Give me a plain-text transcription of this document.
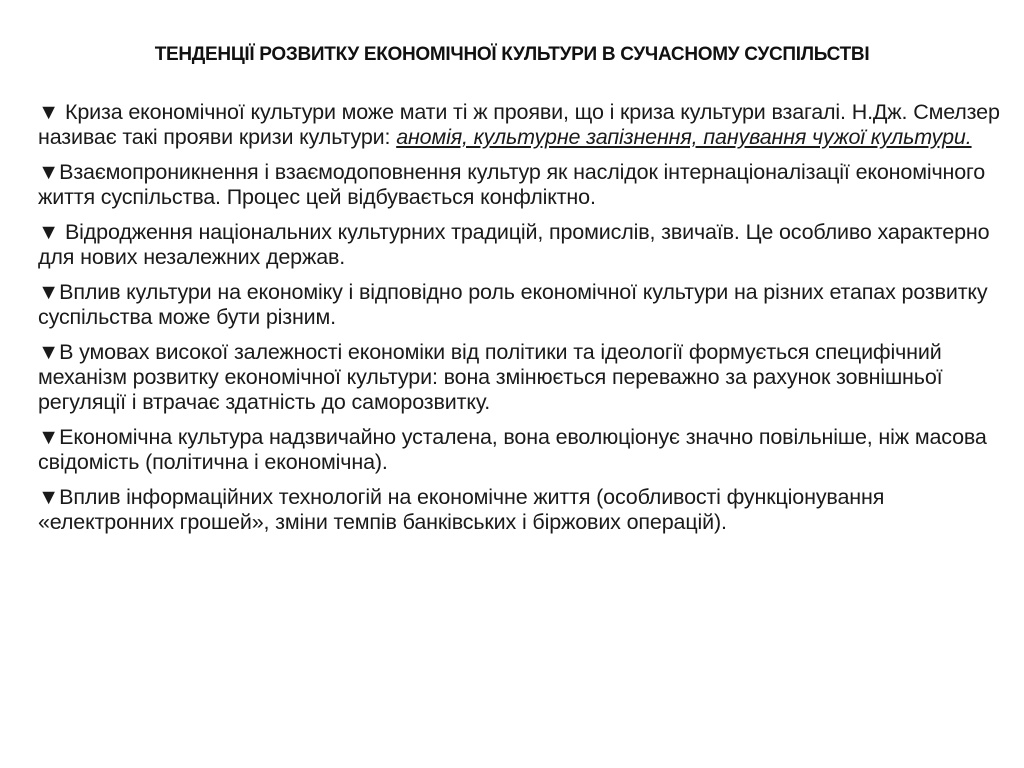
ТЕНДЕНЦІЇ РОЗВИТКУ ЕКОНОМІЧНОЇ КУЛЬТУРИ В СУЧАСНОМУ СУСПІЛЬСТВІ

▼ Криза економічної культури може мати ті ж прояви, що і криза культури взагалі. Н.Дж. Смелзер називає такі прояви кризи культури: аномія, культурне запізнення, панування чужої культури.

▼Взаємопроникнення і взаємодоповнення культур як наслідок інтернаціоналізації економічного життя суспільства. Процес цей відбувається конфліктно.

▼ Відродження національних культурних традицій, промислів, звичаїв. Це особливо характерно для нових незалежних держав.

▼Вплив культури на економіку і відповідно роль економічної культури на різних етапах розвитку суспільства може бути різним.

▼В умовах високої залежності економіки від політики та ідеології формується специфічний механізм розвитку економічної культури: вона змінюється переважно за рахунок зовнішньої регуляції і втрачає здатність до саморозвитку.

▼Економічна культура надзвичайно усталена, вона еволюціонує значно повільніше, ніж масова свідомість (політична і економічна).

▼Вплив інформаційних технологій на економічне життя (особливості функціонування «електронних грошей», зміни темпів банківських і біржових операцій).
